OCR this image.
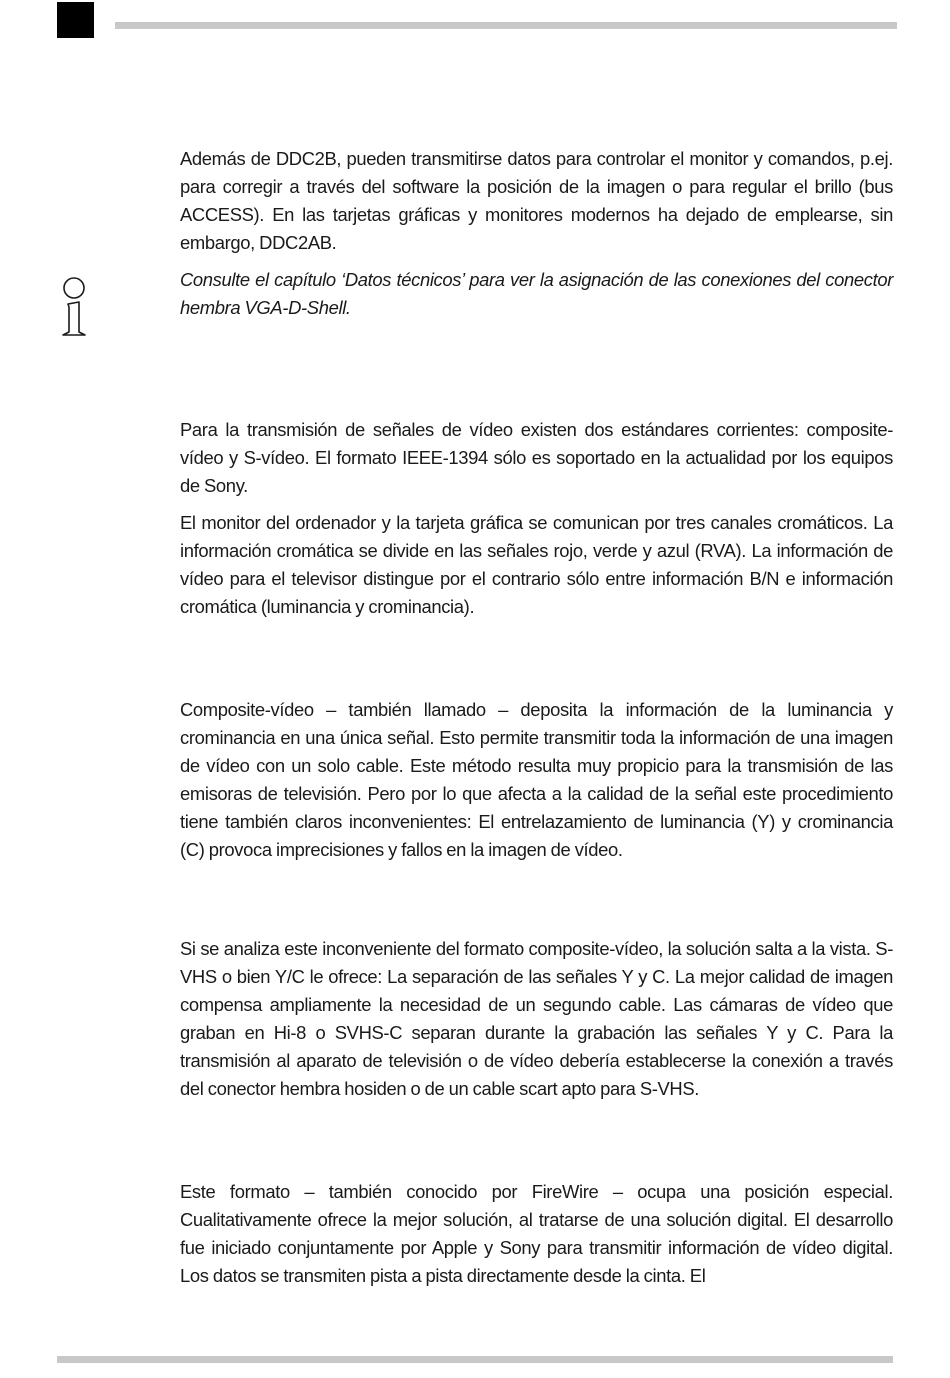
Además de DDC2B, pueden transmitirse datos para controlar el monitor y comandos, p.ej. para corregir a través del software la posición de la imagen o para regular el brillo (bus ACCESS). En las tarjetas gráficas y monitores modernos ha dejado de emplearse, sin embargo, DDC2AB.

Consulte el capítulo ‘Datos técnicos’ para ver la asignación de las conexiones del conector hembra VGA-D-Shell.

Para la transmisión de señales de vídeo existen dos estándares corrientes: composite-vídeo y S-vídeo. El formato IEEE-1394 sólo es soportado en la actualidad por los equipos de Sony.

El monitor del ordenador y la tarjeta gráfica se comunican por tres canales cromáticos. La información cromática se divide en las señales rojo, verde y azul (RVA). La información de vídeo para el televisor distingue por el contrario sólo entre información B/N e información cromática (luminancia y crominancia).

Composite-vídeo – también llamado – deposita la información de la luminancia y crominancia en una única señal. Esto permite transmitir toda la información de una imagen de vídeo con un solo cable. Este método resulta muy propicio para la transmisión de las emisoras de televisión. Pero por lo que afecta a la calidad de la señal este procedimiento tiene también claros inconvenientes: El entrelazamiento de luminancia (Y) y crominancia (C) provoca imprecisiones y fallos en la imagen de vídeo.

Si se analiza este inconveniente del formato composite-vídeo, la solución salta a la vista. S-VHS o bien Y/C le ofrece: La separación de las señales Y y C. La mejor calidad de imagen compensa ampliamente la necesidad de un segundo cable. Las cámaras de vídeo que graban en Hi-8 o SVHS-C separan durante la grabación las señales Y y C. Para la transmisión al aparato de televisión o de vídeo debería establecerse la conexión a través del conector hembra hosiden o de un cable scart apto para S-VHS.

Este formato – también conocido por FireWire – ocupa una posición especial. Cualitativamente ofrece la mejor solución, al tratarse de una solución digital. El desarrollo fue iniciado conjuntamente por Apple y Sony para transmitir información de vídeo digital. Los datos se transmiten pista a pista directamente desde la cinta. El
